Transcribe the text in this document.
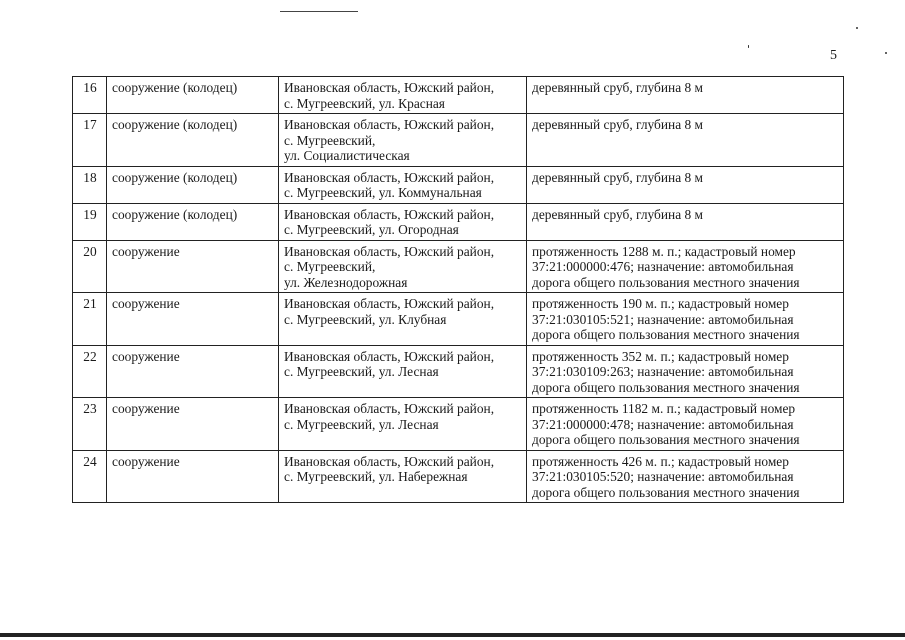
5
16	сооружение (колодец)	Ивановская область, Южский район,
с. Мугреевский, ул. Красная	деревянный сруб, глубина 8 м

17	сооружение (колодец)	Ивановская область, Южский район,
с. Мугреевский,
ул. Социалистическая	деревянный сруб, глубина 8 м

18	сооружение (колодец)	Ивановская область, Южский район,
с. Мугреевский, ул. Коммунальная	деревянный сруб, глубина 8 м

19	сооружение (колодец)	Ивановская область, Южский район,
с. Мугреевский, ул. Огородная	деревянный сруб, глубина 8 м

20	сооружение	Ивановская область, Южский район,
с. Мугреевский,
ул. Железнодорожная	протяженность 1288 м. п.; кадастровый номер
37:21:000000:476; назначение: автомобильная
дорога общего пользования местного значения

21	сооружение	Ивановская область, Южский район,
с. Мугреевский, ул. Клубная	протяженность 190 м. п.; кадастровый номер
37:21:030105:521; назначение: автомобильная
дорога общего пользования местного значения

22	сооружение	Ивановская область, Южский район,
с. Мугреевский, ул. Лесная	протяженность 352 м. п.; кадастровый номер
37:21:030109:263; назначение: автомобильная
дорога общего пользования местного значения

23	сооружение	Ивановская область, Южский район,
с. Мугреевский, ул. Лесная	протяженность 1182 м. п.; кадастровый номер
37:21:000000:478; назначение: автомобильная
дорога общего пользования местного значения

24	сооружение	Ивановская область, Южский район,
с. Мугреевский, ул. Набережная	протяженность 426 м. п.; кадастровый номер
37:21:030105:520; назначение: автомобильная
дорога общего пользования местного значения
